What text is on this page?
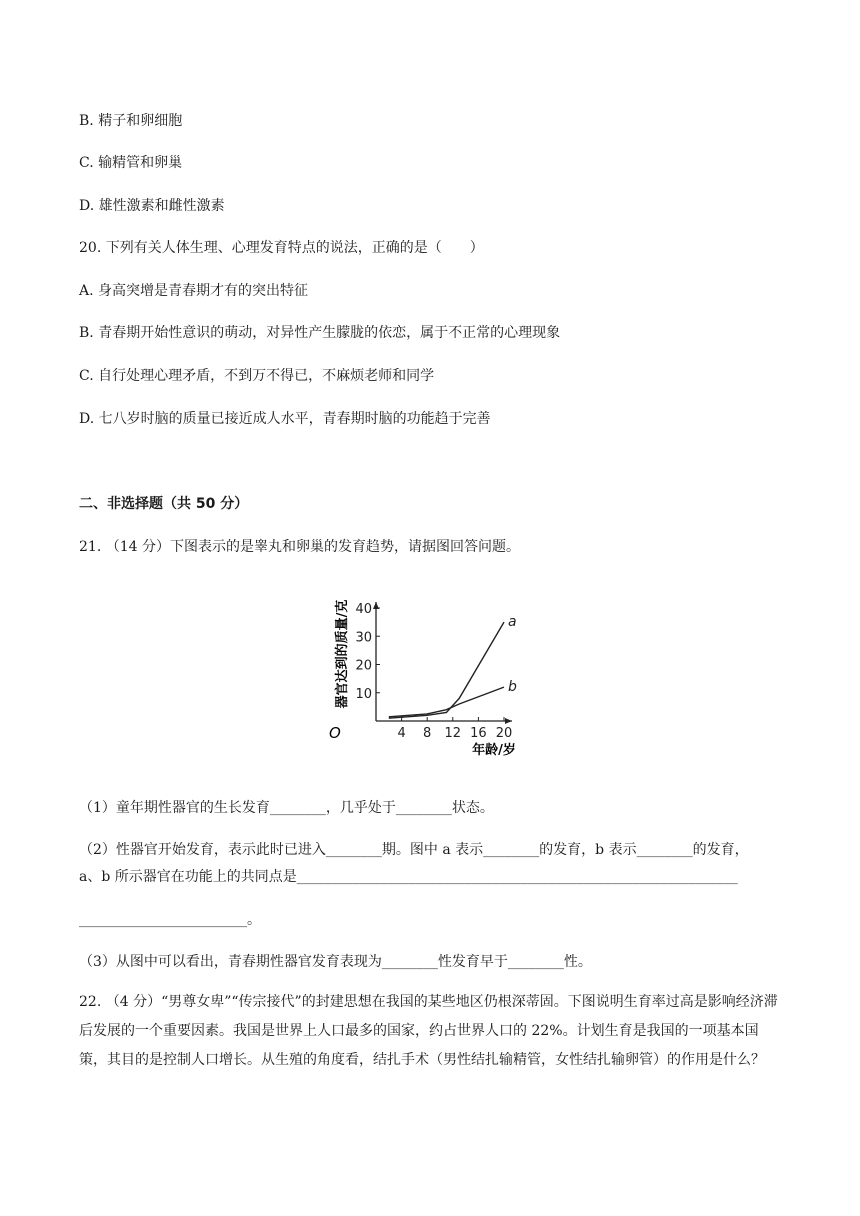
B. 精子和卵细胞
C. 输精管和卵巢
D. 雄性激素和雌性激素
20. 下列有关人体生理、心理发育特点的说法，正确的是（　　）
A. 身高突增是青春期才有的突出特征
B. 青春期开始性意识的萌动，对异性产生朦胧的依恋，属于不正常的心理现象
C. 自行处理心理矛盾，不到万不得已，不麻烦老师和同学
D. 七八岁时脑的质量已接近成人水平，青春期时脑的功能趋于完善
二、非选择题（共 50 分）
21. （14 分）下图表示的是睾丸和卵巢的发育趋势，请据图回答问题。
4 8 12 16 20
10
20
30
40
a
b
O
器官达到的质量/克
年龄/岁
（1）童年期性器官的生长发育________，几乎处于________状态。
（2）性器官开始发育，表示此时已进入________期。图中 a 表示________的发育，b 表示________的发育，
a、b 所示器官在功能上的共同点是_______________________________________________________________
________________________。
（3）从图中可以看出，青春期性器官发育表现为________性发育早于________性。
22. （4 分）“男尊女卑”“传宗接代”的封建思想在我国的某些地区仍根深蒂固。下图说明生育率过高是影响经济滞后发展的一个重要因素。我国是世界上人口最多的国家，约占世界人口的 22%。计划生育是我国的一项基本国策，其目的是控制人口增长。从生殖的角度看，结扎手术（男性结扎输精管，女性结扎输卵管）的作用是什么？
